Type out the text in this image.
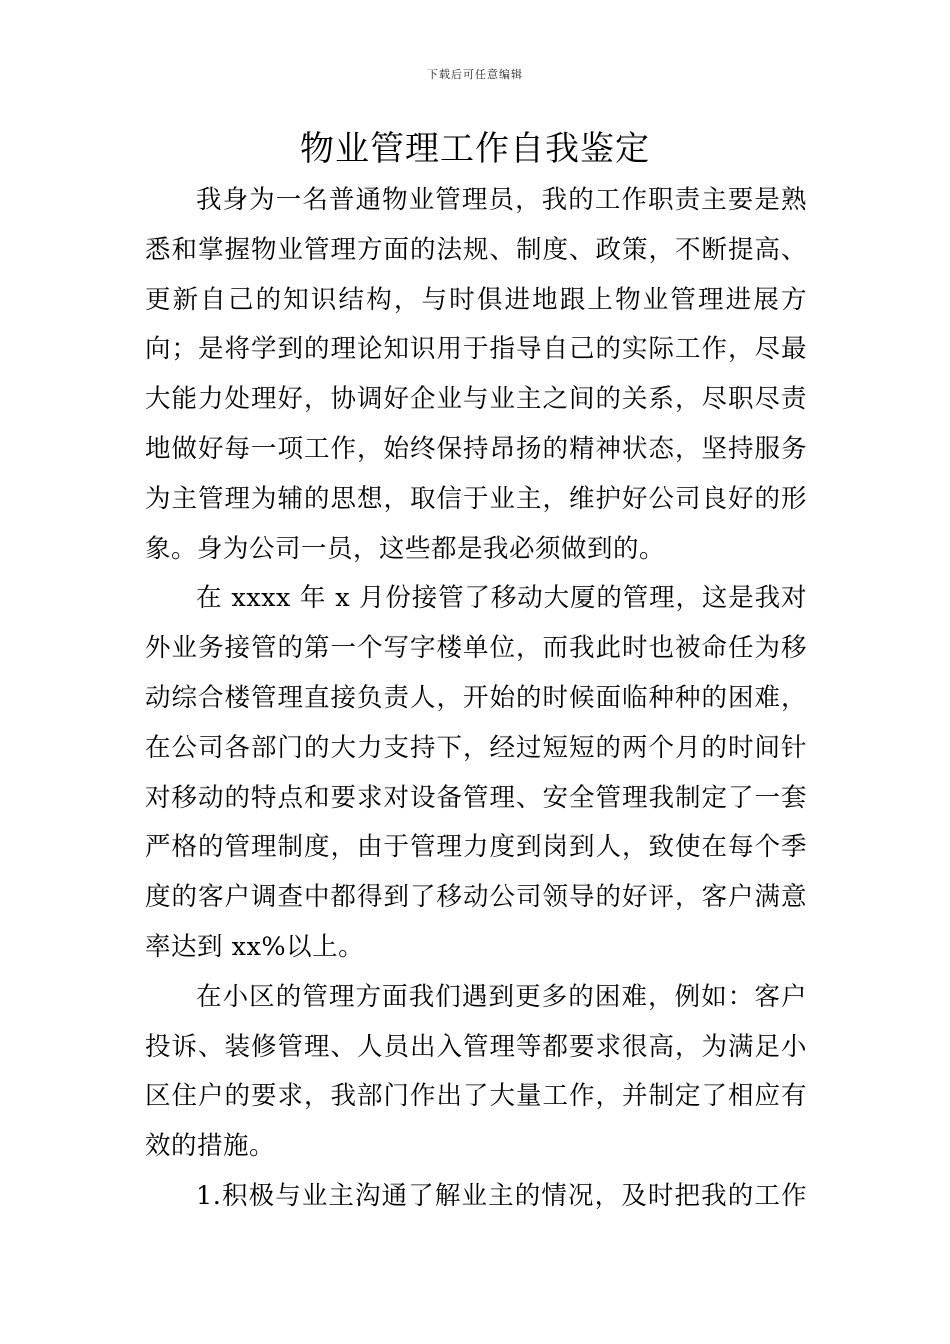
下载后可任意编辑
物业管理工作自我鉴定

我身为一名普通物业管理员，我的工作职责主要是熟悉和掌握物业管理方面的法规、制度、政策，不断提高、更新自己的知识结构，与时俱进地跟上物业管理进展方向；是将学到的理论知识用于指导自己的实际工作，尽最大能力处理好，协调好企业与业主之间的关系，尽职尽责地做好每一项工作，始终保持昂扬的精神状态，坚持服务为主管理为辅的思想，取信于业主，维护好公司良好的形象。身为公司一员，这些都是我必须做到的。

在 xxxx 年 x 月份接管了移动大厦的管理，这是我对外业务接管的第一个写字楼单位，而我此时也被命任为移动综合楼管理直接负责人，开始的时候面临种种的困难，在公司各部门的大力支持下，经过短短的两个月的时间针对移动的特点和要求对设备管理、安全管理我制定了一套严格的管理制度，由于管理力度到岗到人，致使在每个季度的客户调查中都得到了移动公司领导的好评，客户满意率达到 xx%以上。

在小区的管理方面我们遇到更多的困难，例如：客户投诉、装修管理、人员出入管理等都要求很高，为满足小区住户的要求，我部门作出了大量工作，并制定了相应有效的措施。

1.积极与业主沟通了解业主的情况，及时把我的工作
